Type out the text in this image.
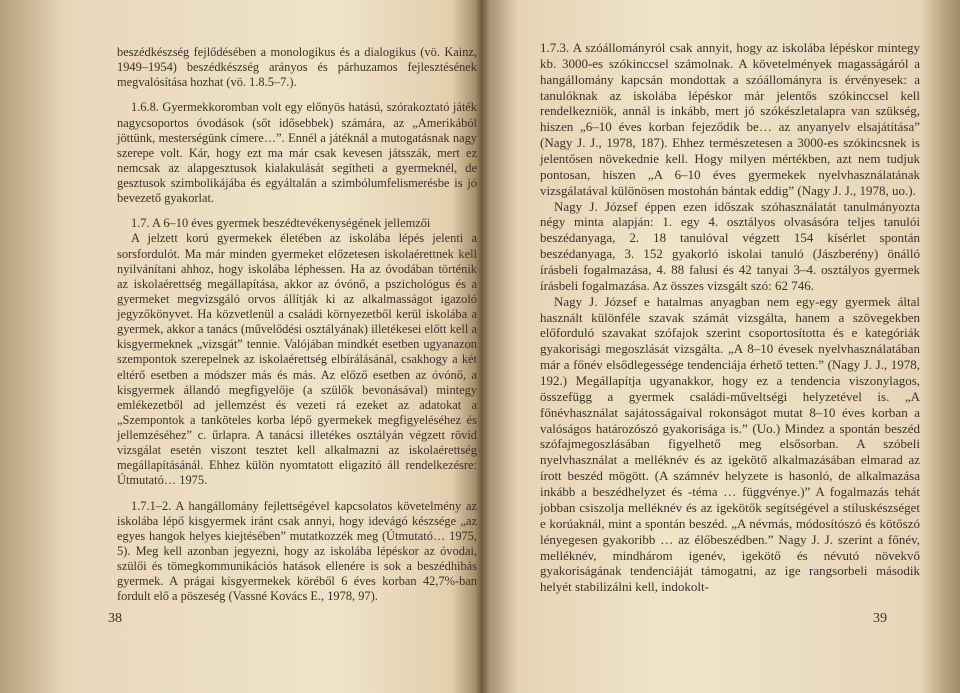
beszédkészség fejlődésében a monologikus és a dialogikus (vö. Kainz, 1949–1954) beszédkészség arányos és párhuzamos fejlesztésének megvalósítása hozhat (vö. 1.8.5–7.).

1.6.8. Gyermekkoromban volt egy előnyös hatású, szórakoztató játék nagycsoportos óvodások (sőt idősebbek) számára, az „Amerikából jöttünk, mesterségünk címere…”. Ennél a játéknál a mutogatásnak nagy szerepe volt. Kár, hogy ezt ma már csak kevesen játsszák, mert ez nemcsak az alapgesztusok kialakulását segítheti a gyermeknél, de gesztusok szimbolikájába és egyáltalán a szimbólumfelismerésbe is jó bevezető gyakorlat.

1.7. A 6–10 éves gyermek beszédtevékenységének jellemzői

A jelzett korú gyermekek életében az iskolába lépés jelenti a sorsfordulót. Ma már minden gyermeket előzetesen iskolaérettnek kell nyilvánítani ahhoz, hogy iskolába léphessen. Ha az óvodában történik az iskolaérettség megállapítása, akkor az óvónő, a pszichológus és a gyermeket megvizsgáló orvos állítják ki az alkalmasságot igazoló jegyzőkönyvet. Ha közvetlenül a családi környezetből kerül iskolába a gyermek, akkor a tanács (művelődési osztályának) illetékesei előtt kell a kisgyermeknek „vizsgát” tennie. Valójában mindkét esetben ugyanazon szempontok szerepelnek az iskolaérettség elbírálásánál, csakhogy a két eltérő esetben a módszer más és más. Az előző esetben az óvónő, a kisgyermek állandó megfigyelője (a szülők bevonásával) mintegy emlékezetből ad jellemzést és vezeti rá ezeket az adatokat a „Szempontok a tanköteles korba lépő gyermekek megfigyeléséhez és jellemzéséhez” c. űrlapra. A tanácsi illetékes osztályán végzett rövid vizsgálat esetén viszont tesztet kell alkalmazni az iskolaérettség megállapításánál. Ehhez külön nyomtatott eligazító áll rendelkezésre: Útmutató… 1975.

1.7.1–2. A hangállomány fejlettségével kapcsolatos követelmény az iskolába lépő kisgyermek iránt csak annyi, hogy idevágó készsége „az egyes hangok helyes kiejtésében” mutatkozzék meg (Útmutató… 1975, 5). Meg kell azonban jegyezni, hogy az iskolába lépéskor az óvodai, szülői és tömegkommunikációs hatások ellenére is sok a beszédhibás gyermek. A prágai kisgyermekek köréből 6 éves korban 42,7%-ban fordult elő a pöszeség (Vassné Kovács E., 1978, 97).

38

1.7.3. A szóállományról csak annyit, hogy az iskolába lépéskor mintegy kb. 3000-es szókinccsel számolnak. A követelmények magasságáról a hangállomány kapcsán mondottak a szóállományra is érvényesek: a tanulóknak az iskolába lépéskor már jelentős szókinccsel kell rendelkezniök, annál is inkább, mert jó szókészletalapra van szükség, hiszen „6–10 éves korban fejeződik be… az anyanyelv elsajátítása” (Nagy J. J., 1978, 187). Ehhez természetesen a 3000-es szókincsnek is jelentősen növekednie kell. Hogy milyen mértékben, azt nem tudjuk pontosan, hiszen „A 6–10 éves gyermekek nyelvhasználatának vizsgálatával különösen mostohán bántak eddig” (Nagy J. J., 1978, uo.).

Nagy J. József éppen ezen időszak szóhasználatát tanulmányozta négy minta alapján: 1. egy 4. osztályos olvasásóra teljes tanulói beszédanyaga, 2. 18 tanulóval végzett 154 kísérlet spontán beszédanyaga, 3. 152 gyakorló iskolai tanuló (Jászberény) önálló írásbeli fogalmazása, 4. 88 falusi és 42 tanyai 3–4. osztályos gyermek írásbeli fogalmazása. Az összes vizsgált szó: 62 746.

Nagy J. József e hatalmas anyagban nem egy-egy gyermek által használt különféle szavak számát vizsgálta, hanem a szövegekben előforduló szavakat szófajok szerint csoportosította és e kategóriák gyakorisági megoszlását vizsgálta. „A 8–10 évesek nyelvhasználatában már a főnév elsődlegessége tendenciája érhető tetten.” (Nagy J. J., 1978, 192.) Megállapítja ugyanakkor, hogy ez a tendencia viszonylagos, összefügg a gyermek családi-műveltségi helyzetével is. „A főnévhasználat sajátosságaival rokonságot mutat 8–10 éves korban a valóságos határozószó gyakorisága is.” (Uo.) Mindez a spontán beszéd szófajmegoszlásában figyelhető meg elsősorban. A szóbeli nyelvhasználat a melléknév és az igekötő alkalmazásában elmarad az írott beszéd mögött. (A számnév helyzete is hasonló, de alkalmazása inkább a beszédhelyzet és -téma … függvénye.)” A fogalmazás tehát jobban csiszolja melléknév és az igekötők segítségével a stíluskészséget e korúaknál, mint a spontán beszéd. „A névmás, módosítószó és kötőszó lényegesen gyakoribb … az élőbeszédben.” Nagy J. J. szerint a főnév, melléknév, mindhárom igenév, igekötő és névutó növekvő gyakoriságának tendenciáját támogatni, az ige rangsorbeli második helyét stabilizálni kell, indokolt-

39
